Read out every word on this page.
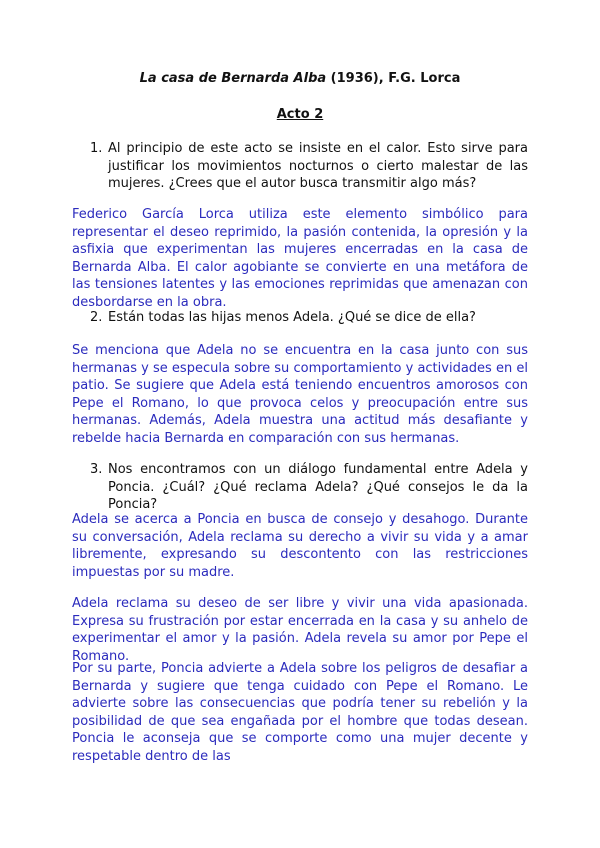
La casa de Bernarda Alba (1936), F.G. Lorca
Acto 2
1. Al principio de este acto se insiste en el calor. Esto sirve para justificar los movimientos nocturnos o cierto malestar de las mujeres. ¿Crees que el autor busca transmitir algo más?
Federico García Lorca utiliza este elemento simbólico para representar el deseo reprimido, la pasión contenida, la opresión y la asfixia que experimentan las mujeres encerradas en la casa de Bernarda Alba. El calor agobiante se convierte en una metáfora de las tensiones latentes y las emociones reprimidas que amenazan con desbordarse en la obra.
2. Están todas las hijas menos Adela. ¿Qué se dice de ella?
Se menciona que Adela no se encuentra en la casa junto con sus hermanas y se especula sobre su comportamiento y actividades en el patio. Se sugiere que Adela está teniendo encuentros amorosos con Pepe el Romano, lo que provoca celos y preocupación entre sus hermanas. Además, Adela muestra una actitud más desafiante y rebelde hacia Bernarda en comparación con sus hermanas.
3. Nos encontramos con un diálogo fundamental entre Adela y Poncia. ¿Cuál? ¿Qué reclama Adela? ¿Qué consejos le da la Poncia?
Adela se acerca a Poncia en busca de consejo y desahogo. Durante su conversación, Adela reclama su derecho a vivir su vida y a amar libremente, expresando su descontento con las restricciones impuestas por su madre.
Adela reclama su deseo de ser libre y vivir una vida apasionada. Expresa su frustración por estar encerrada en la casa y su anhelo de experimentar el amor y la pasión. Adela revela su amor por Pepe el Romano.
Por su parte, Poncia advierte a Adela sobre los peligros de desafiar a Bernarda y sugiere que tenga cuidado con Pepe el Romano. Le advierte sobre las consecuencias que podría tener su rebelión y la posibilidad de que sea engañada por el hombre que todas desean. Poncia le aconseja que se comporte como una mujer decente y respetable dentro de las
